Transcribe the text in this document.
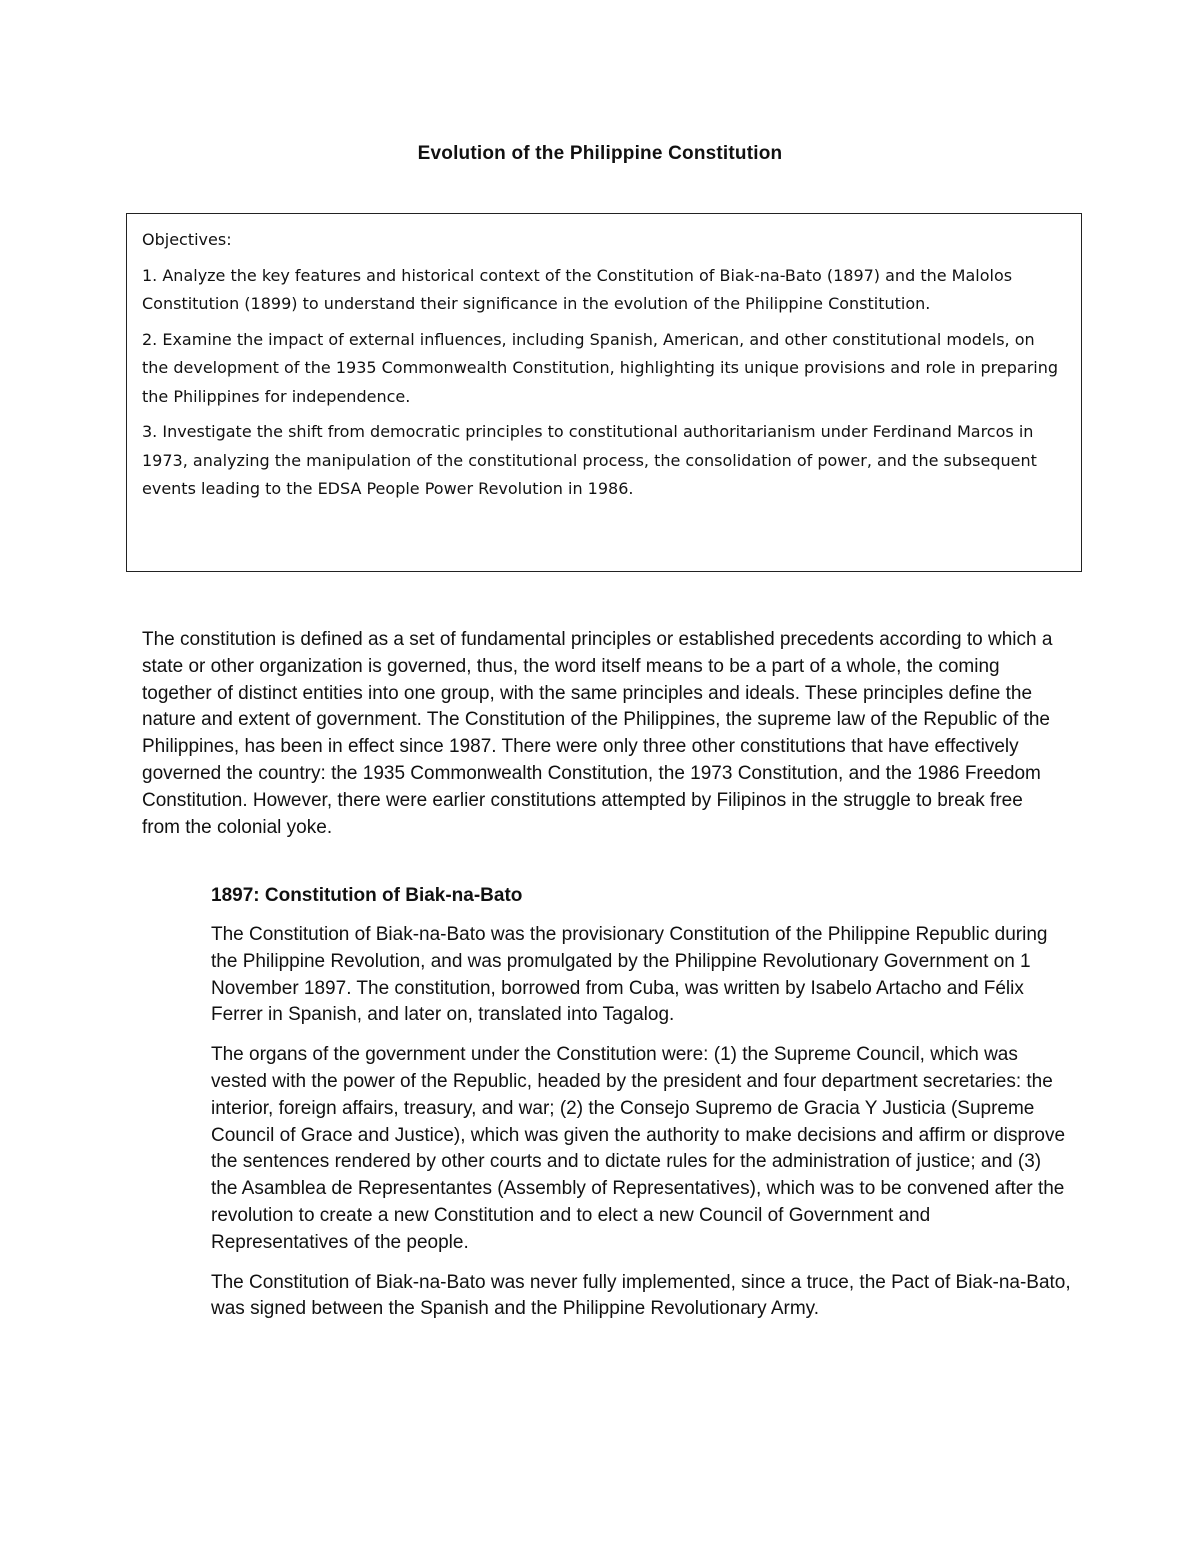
Evolution of the Philippine Constitution

Objectives:

1. Analyze the key features and historical context of the Constitution of Biak-na-Bato (1897) and the Malolos Constitution (1899) to understand their significance in the evolution of the Philippine Constitution.

2. Examine the impact of external influences, including Spanish, American, and other constitutional models, on the development of the 1935 Commonwealth Constitution, highlighting its unique provisions and role in preparing the Philippines for independence.

3. Investigate the shift from democratic principles to constitutional authoritarianism under Ferdinand Marcos in 1973, analyzing the manipulation of the constitutional process, the consolidation of power, and the subsequent events leading to the EDSA People Power Revolution in 1986.

The constitution is defined as a set of fundamental principles or established precedents according to which a state or other organization is governed, thus, the word itself means to be a part of a whole, the coming together of distinct entities into one group, with the same principles and ideals. These principles define the nature and extent of government. The Constitution of the Philippines, the supreme law of the Republic of the Philippines, has been in effect since 1987. There were only three other constitutions that have effectively governed the country: the 1935 Commonwealth Constitution, the 1973 Constitution, and the 1986 Freedom Constitution. However, there were earlier constitutions attempted by Filipinos in the struggle to break free from the colonial yoke.

1897: Constitution of Biak-na-Bato

The Constitution of Biak-na-Bato was the provisionary Constitution of the Philippine Republic during the Philippine Revolution, and was promulgated by the Philippine Revolutionary Government on 1 November 1897. The constitution, borrowed from Cuba, was written by Isabelo Artacho and Félix Ferrer in Spanish, and later on, translated into Tagalog.

The organs of the government under the Constitution were: (1) the Supreme Council, which was vested with the power of the Republic, headed by the president and four department secretaries: the interior, foreign affairs, treasury, and war; (2) the Consejo Supremo de Gracia Y Justicia (Supreme Council of Grace and Justice), which was given the authority to make decisions and affirm or disprove the sentences rendered by other courts and to dictate rules for the administration of justice; and (3) the Asamblea de Representantes (Assembly of Representatives), which was to be convened after the revolution to create a new Constitution and to elect a new Council of Government and Representatives of the people.

The Constitution of Biak-na-Bato was never fully implemented, since a truce, the Pact of Biak-na-Bato, was signed between the Spanish and the Philippine Revolutionary Army.
